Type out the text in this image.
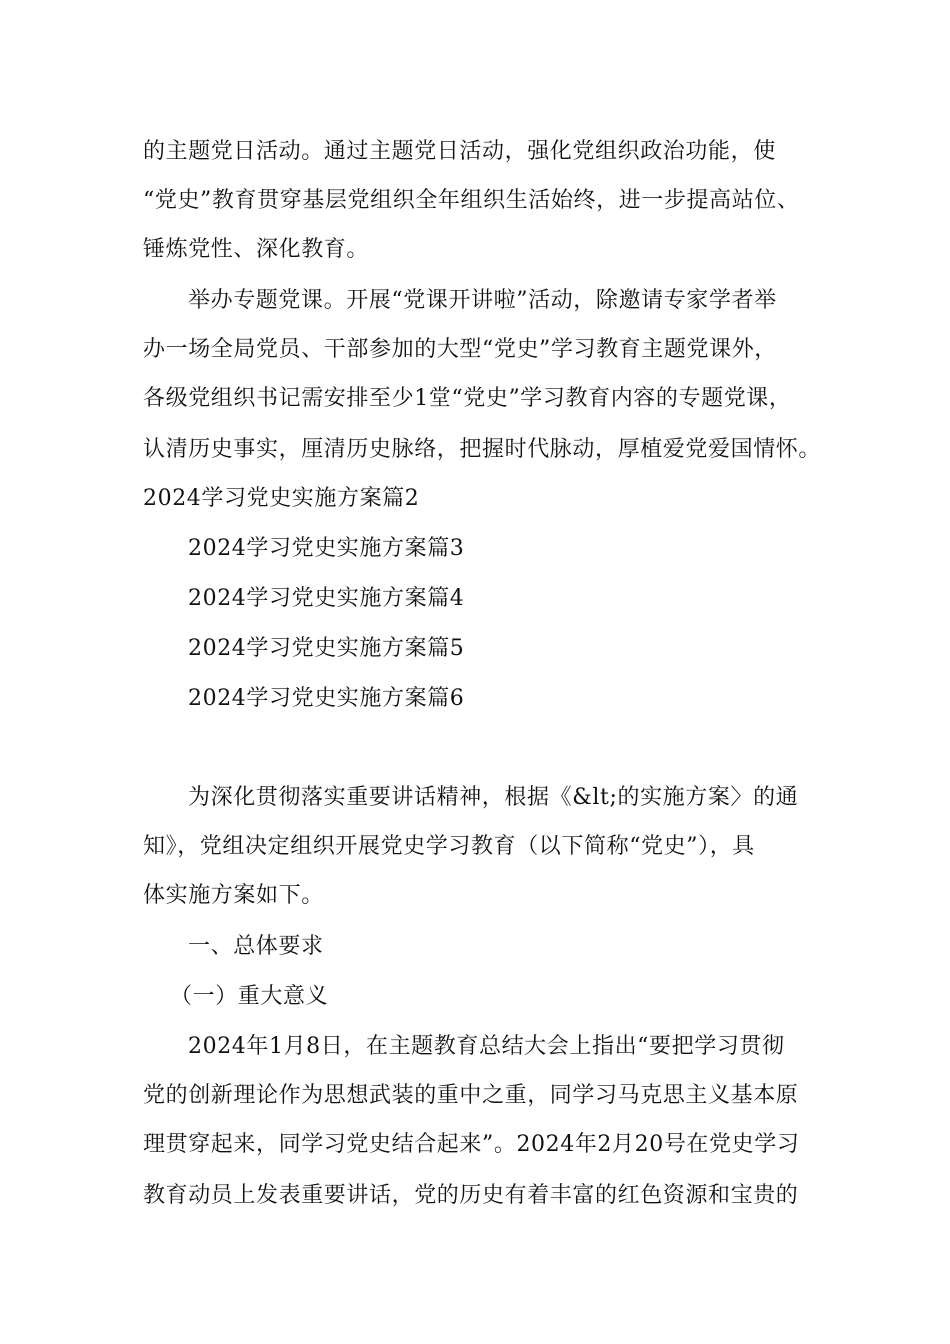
的主题党日活动。通过主题党日活动，强化党组织政治功能，使
“党史”教育贯穿基层党组织全年组织生活始终，进一步提高站位、
锤炼党性、深化教育。
举办专题党课。开展“党课开讲啦”活动，除邀请专家学者举
办一场全局党员、干部参加的大型“党史”学习教育主题党课外，
各级党组织书记需安排至少1堂“党史”学习教育内容的专题党课，
认清历史事实，厘清历史脉络，把握时代脉动，厚植爱党爱国情怀。
2024学习党史实施方案篇2
2024学习党史实施方案篇3
2024学习党史实施方案篇4
2024学习党史实施方案篇5
2024学习党史实施方案篇6
为深化贯彻落实重要讲话精神，根据《&lt;的实施方案〉的通
知》，党组决定组织开展党史学习教育（以下简称“党史”），具
体实施方案如下。
一、总体要求
（一）重大意义
2024年1月8日，在主题教育总结大会上指出“要把学习贯彻
党的创新理论作为思想武装的重中之重，同学习马克思主义基本原
理贯穿起来，同学习党史结合起来”。2024年2月20号在党史学习
教育动员上发表重要讲话，党的历史有着丰富的红色资源和宝贵的
